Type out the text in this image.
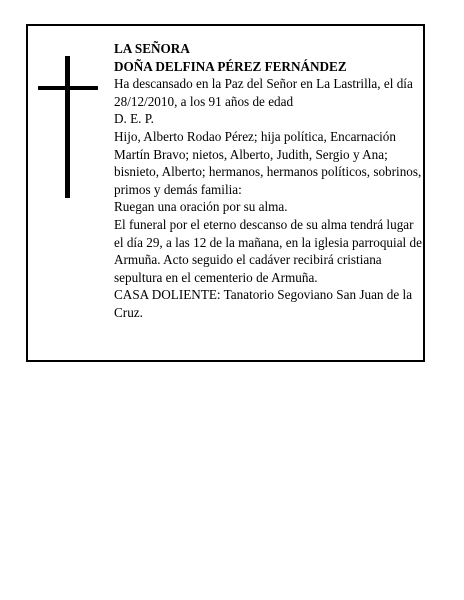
LA SEÑORA

DOÑA DELFINA PÉREZ FERNÁNDEZ

Ha descansado en la Paz del Señor en La Lastrilla, el día 28/12/2010, a los 91 años de edad

D. E. P.

Hijo, Alberto Rodao Pérez; hija política, Encarnación Martín Bravo; nietos, Alberto, Judith, Sergio y Ana; bisnieto, Alberto; hermanos, hermanos políticos, sobrinos, primos y demás familia:

Ruegan una oración por su alma.

El funeral por el eterno descanso de su alma tendrá lugar el día 29, a las 12 de la mañana, en la iglesia parroquial de Armuña. Acto seguido el cadáver recibirá cristiana sepultura en el cementerio de Armuña.

CASA DOLIENTE: Tanatorio Segoviano San Juan de la Cruz.
